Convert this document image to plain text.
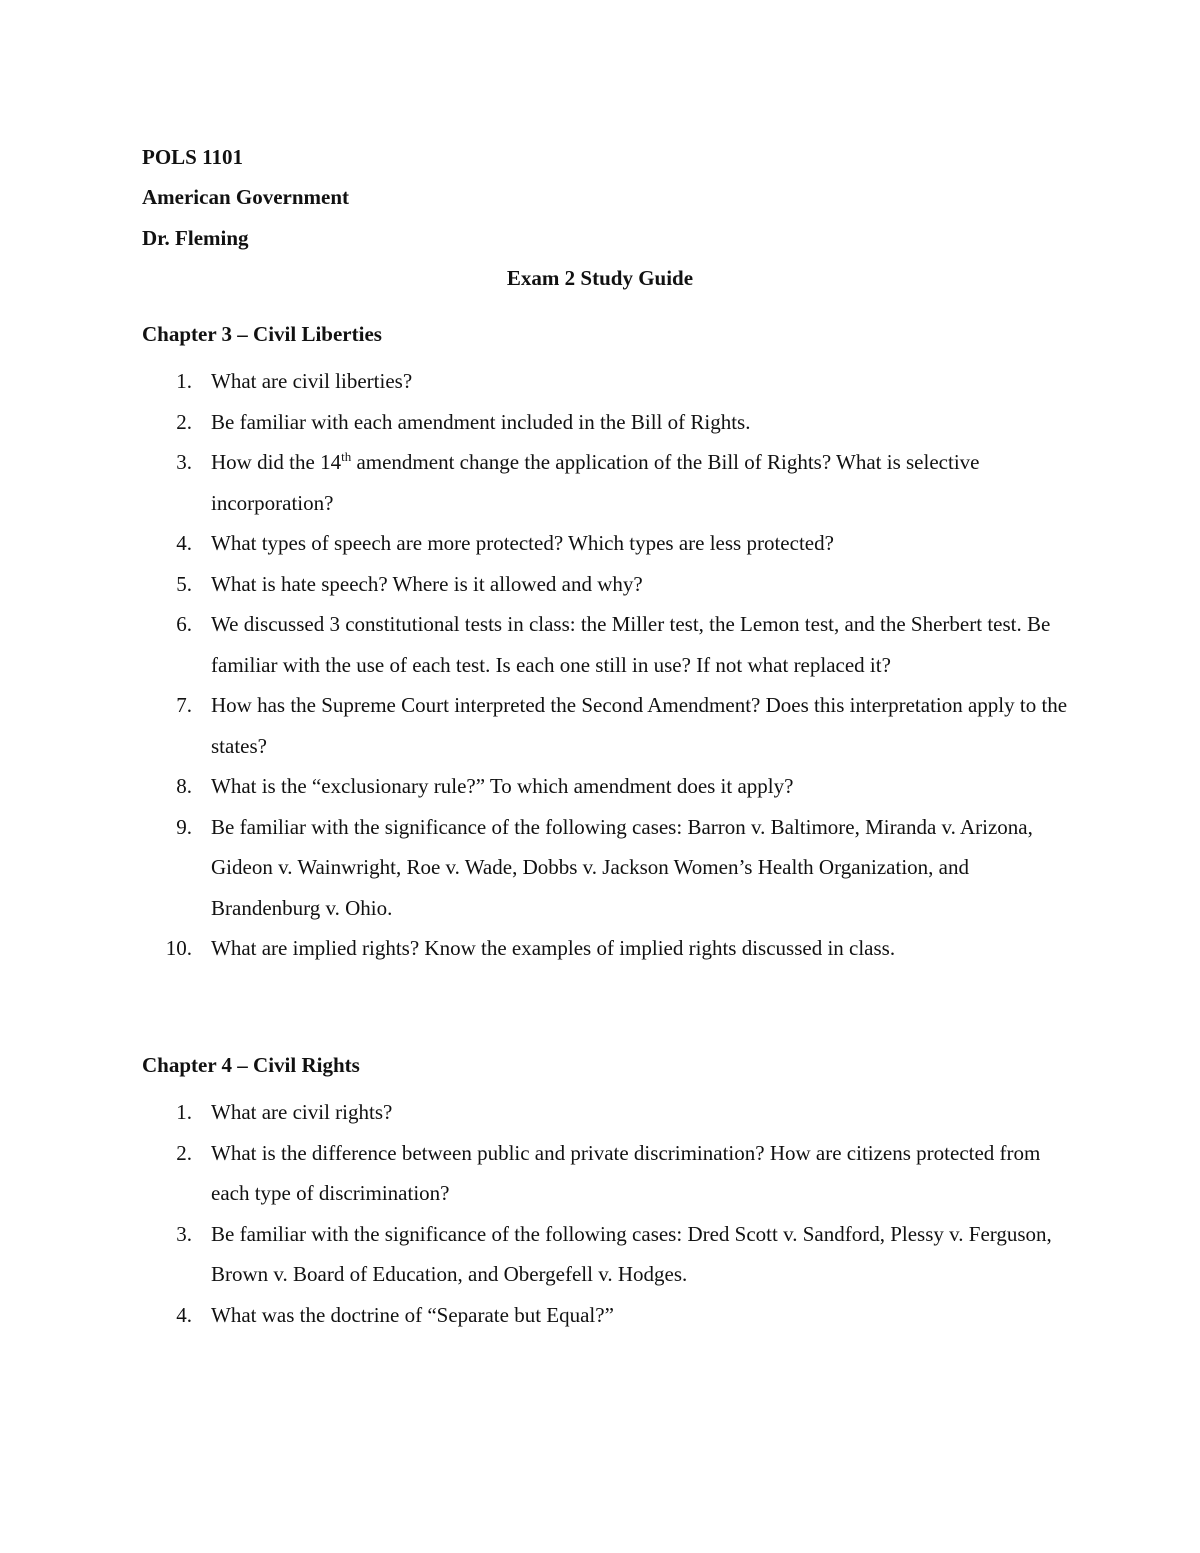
POLS 1101
American Government
Dr. Fleming
Exam 2 Study Guide
Chapter 3 – Civil Liberties
1. What are civil liberties?
2. Be familiar with each amendment included in the Bill of Rights.
3. How did the 14th amendment change the application of the Bill of Rights? What is selective incorporation?
4. What types of speech are more protected? Which types are less protected?
5. What is hate speech? Where is it allowed and why?
6. We discussed 3 constitutional tests in class: the Miller test, the Lemon test, and the Sherbert test. Be familiar with the use of each test. Is each one still in use? If not what replaced it?
7. How has the Supreme Court interpreted the Second Amendment? Does this interpretation apply to the states?
8. What is the “exclusionary rule?” To which amendment does it apply?
9. Be familiar with the significance of the following cases: Barron v. Baltimore, Miranda v. Arizona, Gideon v. Wainwright, Roe v. Wade, Dobbs v. Jackson Women’s Health Organization, and Brandenburg v. Ohio.
10. What are implied rights? Know the examples of implied rights discussed in class.
Chapter 4 – Civil Rights
1. What are civil rights?
2. What is the difference between public and private discrimination? How are citizens protected from each type of discrimination?
3. Be familiar with the significance of the following cases: Dred Scott v. Sandford, Plessy v. Ferguson, Brown v. Board of Education, and Obergefell v. Hodges.
4. What was the doctrine of “Separate but Equal?”
